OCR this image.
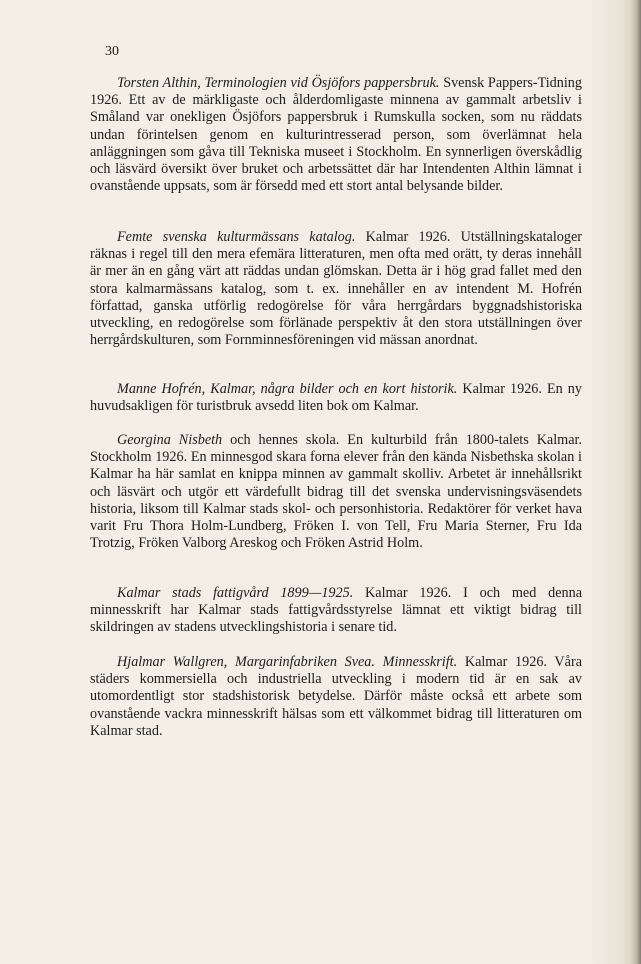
30

Torsten Althin, Terminologien vid Ösjöfors pappersbruk. Svensk Pappers-Tidning 1926. Ett av de märkligaste och ålderdomligaste minnena av gammalt arbetsliv i Småland var onekligen Ösjöfors pappersbruk i Rumskulla socken, som nu räddats undan förintelsen genom en kulturintresserad person, som överlämnat hela anläggningen som gåva till Tekniska museet i Stockholm. En synnerligen överskådlig och läsvärd översikt över bruket och arbetssättet där har Intendenten Althin lämnat i ovanstående uppsats, som är försedd med ett stort antal belysande bilder.

Femte svenska kulturmässans katalog. Kalmar 1926. Utställningskataloger räknas i regel till den mera efemära litteraturen, men ofta med orätt, ty deras innehåll är mer än en gång värt att räddas undan glömskan. Detta är i hög grad fallet med den stora kalmarmässans katalog, som t. ex. innehåller en av intendent M. Hofrén författad, ganska utförlig redogörelse för våra herrgårdars byggnadshistoriska utveckling, en redogörelse som förlänade perspektiv åt den stora utställningen över herrgårdskulturen, som Fornminnesföreningen vid mässan anordnat.

Manne Hofrén, Kalmar, några bilder och en kort historik. Kalmar 1926. En ny huvudsakligen för turistbruk avsedd liten bok om Kalmar.

Georgina Nisbeth och hennes skola. En kulturbild från 1800-talets Kalmar. Stockholm 1926. En minnesgod skara forna elever från den kända Nisbethska skolan i Kalmar ha här samlat en knippa minnen av gammalt skolliv. Arbetet är innehållsrikt och läsvärt och utgör ett värdefullt bidrag till det svenska undervisningsväsendets historia, liksom till Kalmar stads skol- och personhistoria. Redaktörer för verket hava varit Fru Thora Holm-Lundberg, Fröken I. von Tell, Fru Maria Sterner, Fru Ida Trotzig, Fröken Valborg Areskog och Fröken Astrid Holm.

Kalmar stads fattigvård 1899—1925. Kalmar 1926. I och med denna minnesskrift har Kalmar stads fattigvårdsstyrelse lämnat ett viktigt bidrag till skildringen av stadens utvecklingshistoria i senare tid.

Hjalmar Wallgren, Margarinfabriken Svea. Minnesskrift. Kalmar 1926. Våra städers kommersiella och industriella utveckling i modern tid är en sak av utomordentligt stor stadshistorisk betydelse. Därför måste också ett arbete som ovanstående vackra minnesskrift hälsas som ett välkommet bidrag till litteraturen om Kalmar stad.
